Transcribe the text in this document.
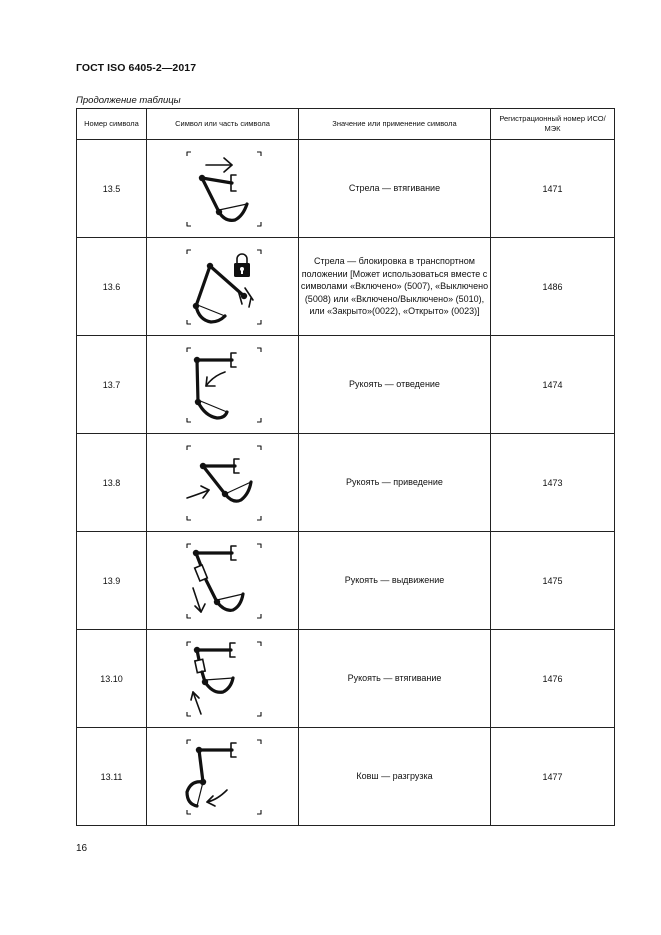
ГОСТ ISO 6405-2—2017
Продолжение таблицы
Номер символа	Символ или часть символа	Значение или применение символа	Регистрационный номер ИСО/МЭК
13.5		Стрела — втягивание	1471
13.6		Стрела — блокировка в транспортном положении [Может использоваться вместе с символами «Включено» (5007), «Выключено (5008) или «Включено/Выключено» (5010), или «Закрыто»(0022), «Открыто» (0023)]	1486
13.7		Рукоять — отведение	1474
13.8		Рукоять — приведение	1473
13.9		Рукоять — выдвижение	1475
13.10		Рукоять — втягивание	1476
13.11		Ковш — разгрузка	1477
16
